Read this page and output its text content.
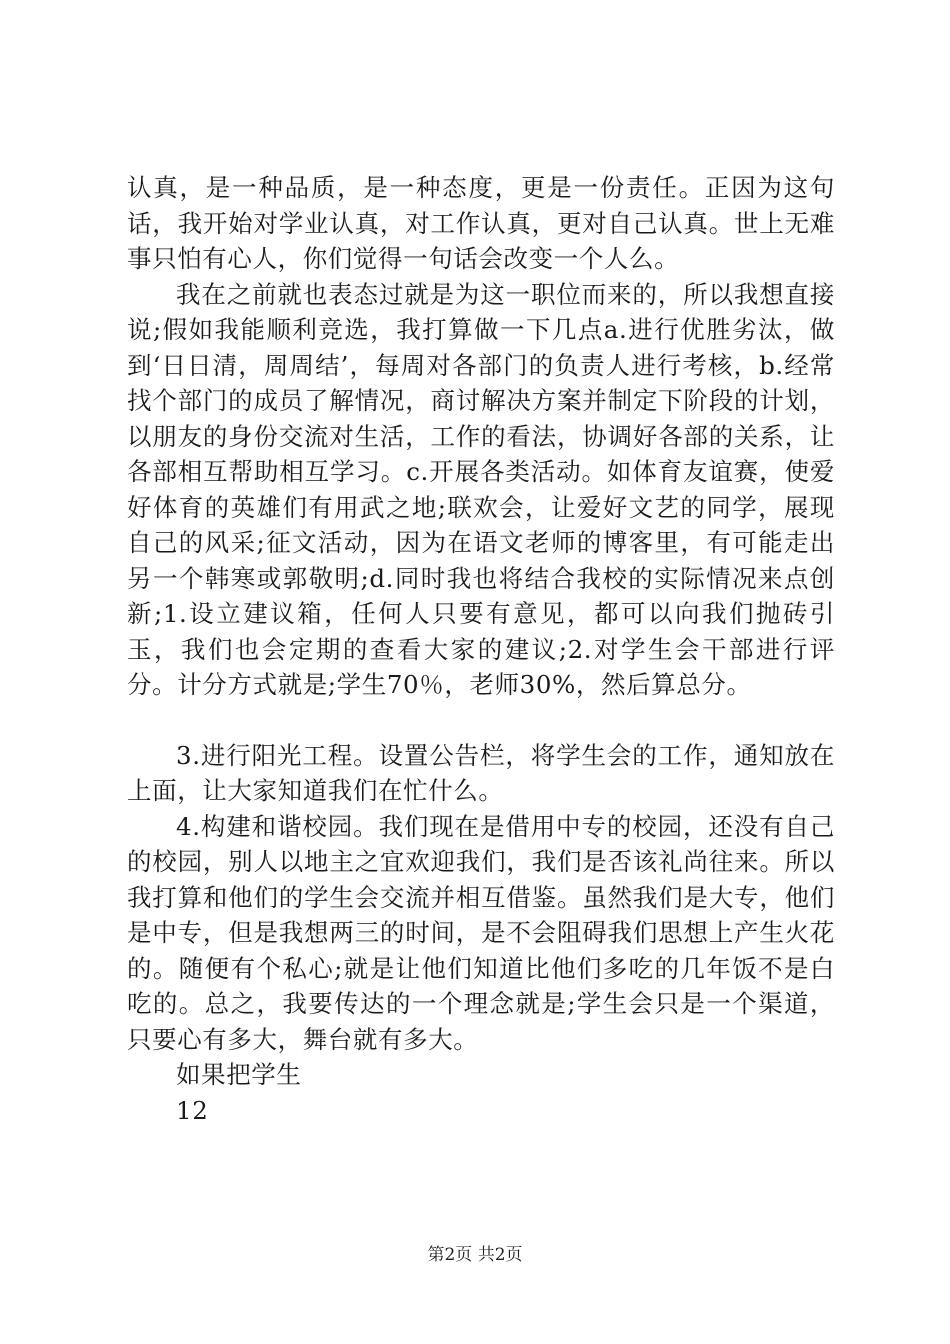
认真，是一种品质，是一种态度，更是一份责任。正因为这句话，我开始对学业认真，对工作认真，更对自己认真。世上无难事只怕有心人，你们觉得一句话会改变一个人么。

我在之前就也表态过就是为这一职位而来的，所以我想直接说;假如我能顺利竞选，我打算做一下几点a.进行优胜劣汰，做到‘日日清，周周结’，每周对各部门的负责人进行考核，b.经常找个部门的成员了解情况，商讨解决方案并制定下阶段的计划，以朋友的身份交流对生活，工作的看法，协调好各部的关系，让各部相互帮助相互学习。c.开展各类活动。如体育友谊赛，使爱好体育的英雄们有用武之地;联欢会，让爱好文艺的同学，展现自己的风采;征文活动，因为在语文老师的博客里，有可能走出另一个韩寒或郭敬明;d.同时我也将结合我校的实际情况来点创新;1.设立建议箱，任何人只要有意见，都可以向我们抛砖引玉，我们也会定期的查看大家的建议;2.对学生会干部进行评分。计分方式就是;学生70％，老师30%，然后算总分。

3.进行阳光工程。设置公告栏，将学生会的工作，通知放在上面，让大家知道我们在忙什么。

4.构建和谐校园。我们现在是借用中专的校园，还没有自己的校园，别人以地主之宜欢迎我们，我们是否该礼尚往来。所以我打算和他们的学生会交流并相互借鉴。虽然我们是大专，他们是中专，但是我想两三的时间，是不会阻碍我们思想上产生火花的。随便有个私心;就是让他们知道比他们多吃的几年饭不是白吃的。总之，我要传达的一个理念就是;学生会只是一个渠道，只要心有多大，舞台就有多大。

如果把学生

12

第2页 共2页
